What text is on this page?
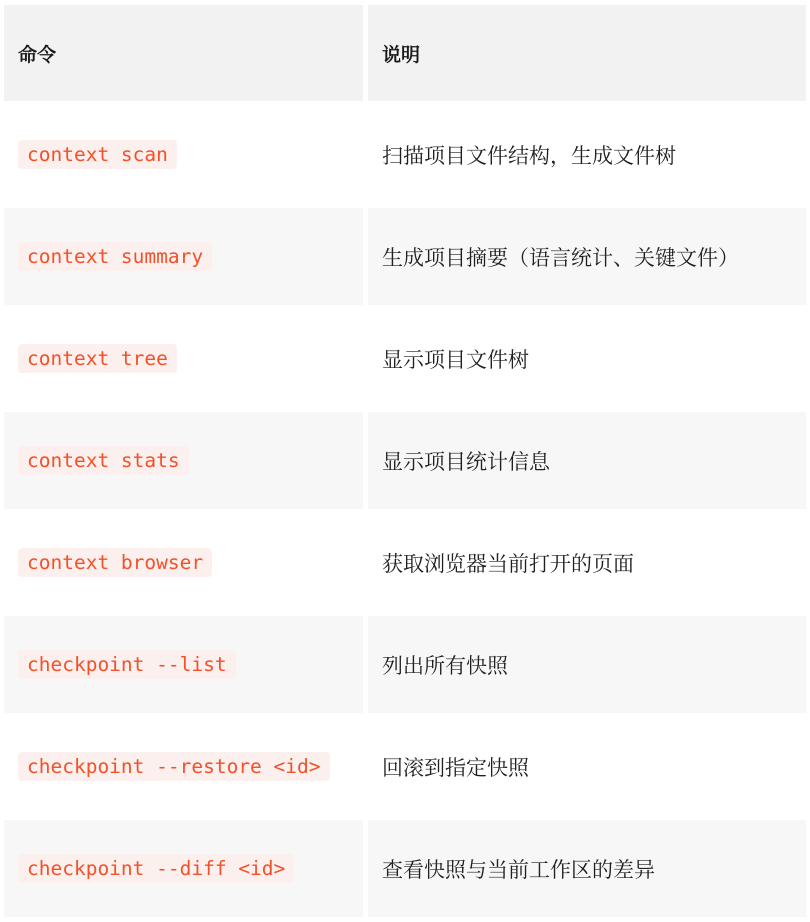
命令	说明
context scan	扫描项目文件结构，生成文件树
context summary	生成项目摘要（语言统计、关键文件）
context tree	显示项目文件树
context stats	显示项目统计信息
context browser	获取浏览器当前打开的页面
checkpoint --list	列出所有快照
checkpoint --restore <id>	回滚到指定快照
checkpoint --diff <id>	查看快照与当前工作区的差异
